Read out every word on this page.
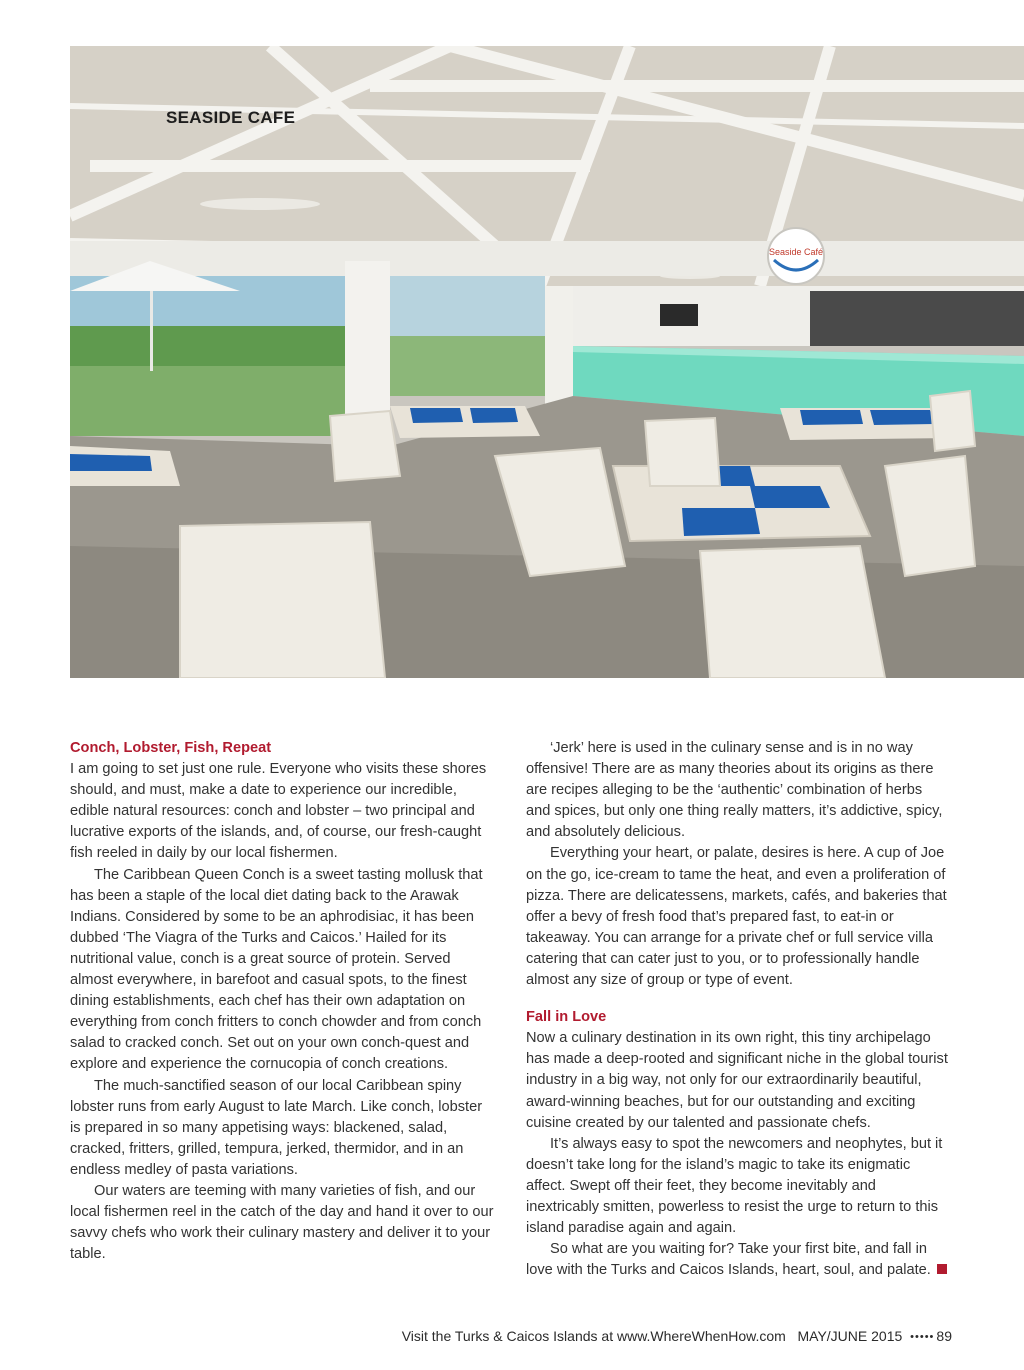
Seaside Café
SEASIDE CAFE
Conch, Lobster, Fish, Repeat

I am going to set just one rule. Everyone who visits these shores should, and must, make a date to experience our incredible, edible natural resources: conch and lobster – two principal and lucrative exports of the islands, and, of course, our fresh-caught fish reeled in daily by our local fishermen.

The Caribbean Queen Conch is a sweet tasting mollusk that has been a staple of the local diet dating back to the Arawak Indians. Considered by some to be an aphrodisiac, it has been dubbed ‘The Viagra of the Turks and Caicos.’ Hailed for its nutritional value, conch is a great source of protein. Served almost everywhere, in barefoot and casual spots, to the finest dining establishments, each chef has their own adaptation on everything from conch fritters to conch chowder and from conch salad to cracked conch. Set out on your own conch-quest and explore and experience the cornucopia of conch creations.

The much-sanctified season of our local Caribbean spiny lobster runs from early August to late March. Like conch, lobster is prepared in so many appetising ways: blackened, salad, cracked, fritters, grilled, tempura, jerked, thermidor, and in an endless medley of pasta variations.

Our waters are teeming with many varieties of fish, and our local fishermen reel in the catch of the day and hand it over to our savvy chefs who work their culinary mastery and deliver it to your table.

‘Jerk’ here is used in the culinary sense and is in no way offensive! There are as many theories about its origins as there are recipes alleging to be the ‘authentic’ combination of herbs and spices, but only one thing really matters, it’s addictive, spicy, and absolutely delicious.

Everything your heart, or palate, desires is here. A cup of Joe on the go, ice-cream to tame the heat, and even a proliferation of pizza. There are delicatessens, markets, cafés, and bakeries that offer a bevy of fresh food that’s prepared fast, to eat-in or takeaway. You can arrange for a private chef or full service villa catering that can cater just to you, or to professionally handle almost any size of group or type of event.

Fall in Love

Now a culinary destination in its own right, this tiny archipelago has made a deep-rooted and significant niche in the global tourist industry in a big way, not only for our extraordinarily beautiful, award-winning beaches, but for our outstanding and exciting cuisine created by our talented and passionate chefs.

It’s always easy to spot the newcomers and neophytes, but it doesn’t take long for the island’s magic to take its enigmatic affect. Swept off their feet, they become inevitably and inextricably smitten, powerless to resist the urge to return to this island paradise again and again.

So what are you waiting for? Take your first bite, and fall in love with the Turks and Caicos Islands, heart, soul, and palate.

Visit the Turks & Caicos Islands at www.WhereWhenHow.com MAY/JUNE 2015 ••••• 89
